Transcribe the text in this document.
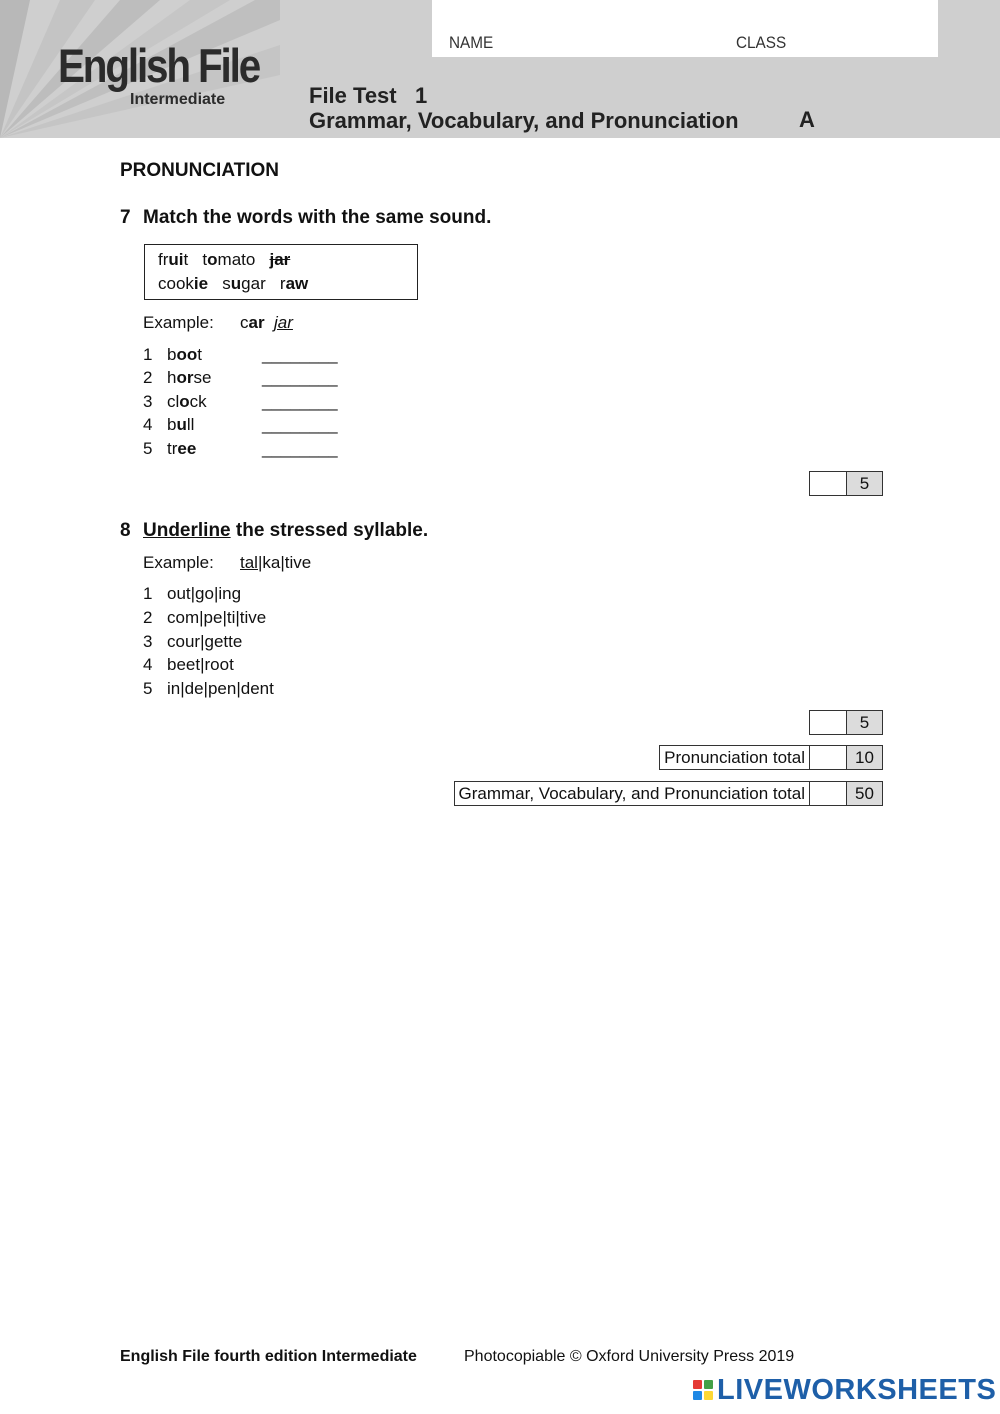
English File
Intermediate
NAME	CLASS
File Test   1
Grammar, Vocabulary, and Pronunciation	A
PRONUNCIATION
7 Match the words with the same sound.
fruit tomato jar
cookie sugar raw
Example: car jar
1 boot	________
2 horse	________
3 clock	________
4 bull	________
5 tree	________
5
8 Underline the stressed syllable.
Example: tal|ka|tive
1 out|go|ing
2 com|pe|ti|tive
3 cour|gette
4 beet|root
5 in|de|pen|dent
5
Pronunciation total	10
Grammar, Vocabulary, and Pronunciation total	50
English File fourth edition Intermediate	Photocopiable © Oxford University Press 2019
LIVEWORKSHEETS
